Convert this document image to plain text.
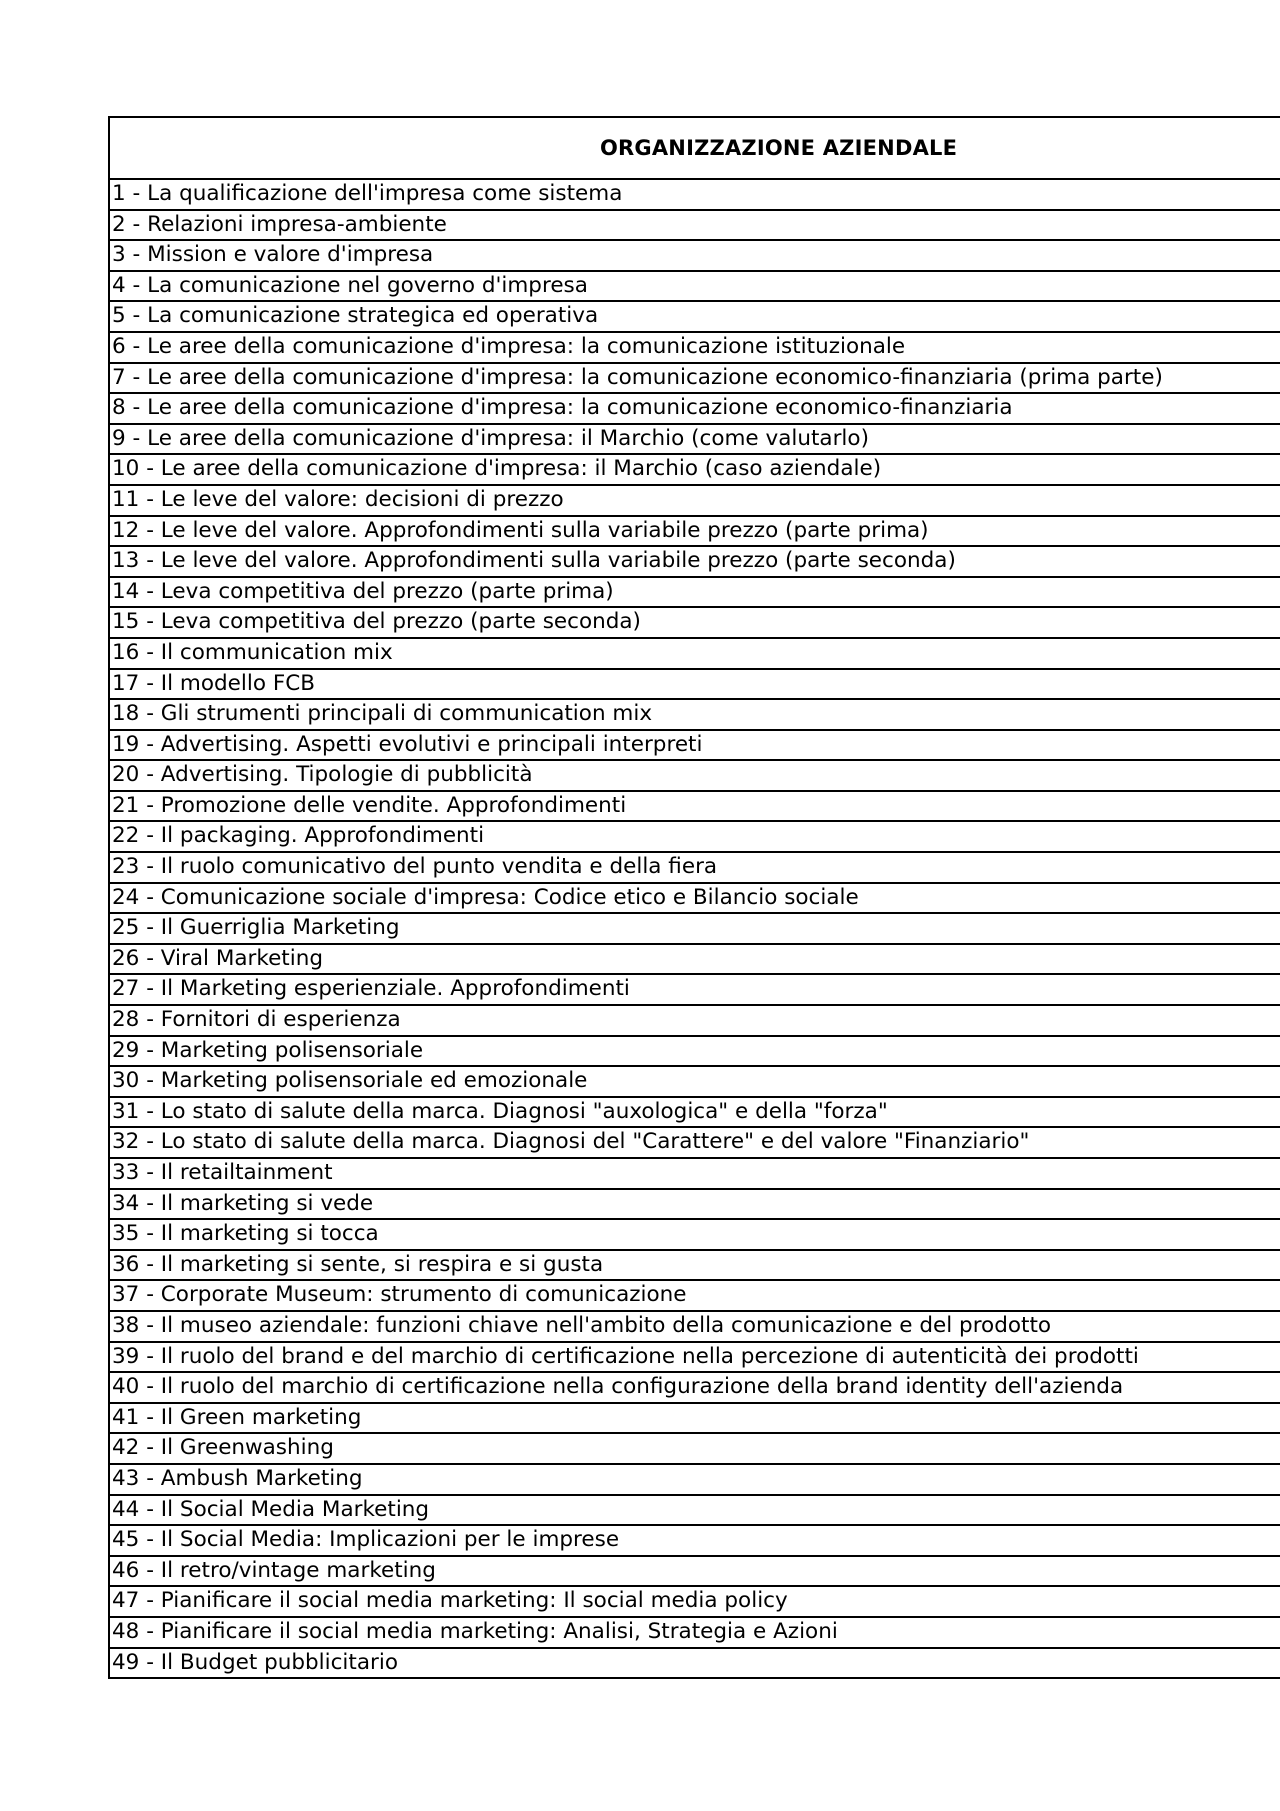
ORGANIZZAZIONE AZIENDALE
1 - La qualificazione dell'impresa come sistema
2 - Relazioni impresa-ambiente
3 - Mission e valore d'impresa
4 - La comunicazione nel governo d'impresa
5 - La comunicazione strategica ed operativa
6 - Le aree della comunicazione d'impresa: la comunicazione istituzionale
7 - Le aree della comunicazione d'impresa: la comunicazione economico-finanziaria (prima parte)
8 - Le aree della comunicazione d'impresa: la comunicazione economico-finanziaria
9 - Le aree della comunicazione d'impresa: il Marchio (come valutarlo)
10 - Le aree della comunicazione d'impresa: il Marchio (caso aziendale)
11 - Le leve del valore: decisioni di prezzo
12 - Le leve del valore. Approfondimenti sulla variabile prezzo (parte prima)
13 - Le leve del valore. Approfondimenti sulla variabile prezzo (parte seconda)
14 - Leva competitiva del prezzo (parte prima)
15 - Leva competitiva del prezzo (parte seconda)
16 - Il communication mix
17 - Il modello FCB
18 - Gli strumenti principali di communication mix
19 - Advertising. Aspetti evolutivi e principali interpreti
20 - Advertising. Tipologie di pubblicità
21 - Promozione delle vendite. Approfondimenti
22 - Il packaging. Approfondimenti
23 - Il ruolo comunicativo del punto vendita e della fiera
24 - Comunicazione sociale d'impresa: Codice etico e Bilancio sociale
25 - Il Guerriglia Marketing
26 - Viral Marketing
27 - Il Marketing esperienziale. Approfondimenti
28 - Fornitori di esperienza
29 - Marketing polisensoriale
30 - Marketing polisensoriale ed emozionale
31 - Lo stato di salute della marca. Diagnosi "auxologica" e della "forza"
32 - Lo stato di salute della marca. Diagnosi del "Carattere" e del valore "Finanziario"
33 - Il retailtainment
34 - Il marketing si vede
35 - Il marketing si tocca
36 - Il marketing si sente, si respira e si gusta
37 - Corporate Museum: strumento di comunicazione
38 - Il museo aziendale: funzioni chiave nell'ambito della comunicazione e del prodotto
39 - Il ruolo del brand e del marchio di certificazione nella percezione di autenticità dei prodotti
40 - Il ruolo del marchio di certificazione nella configurazione della brand identity dell'azienda
41 - Il Green marketing
42 - Il Greenwashing
43 - Ambush Marketing
44 - Il Social Media Marketing
45 - Il Social Media: Implicazioni per le imprese
46 - Il retro/vintage marketing
47 - Pianificare il social media marketing: Il social media policy
48 - Pianificare il social media marketing: Analisi, Strategia e Azioni
49 - Il Budget pubblicitario
